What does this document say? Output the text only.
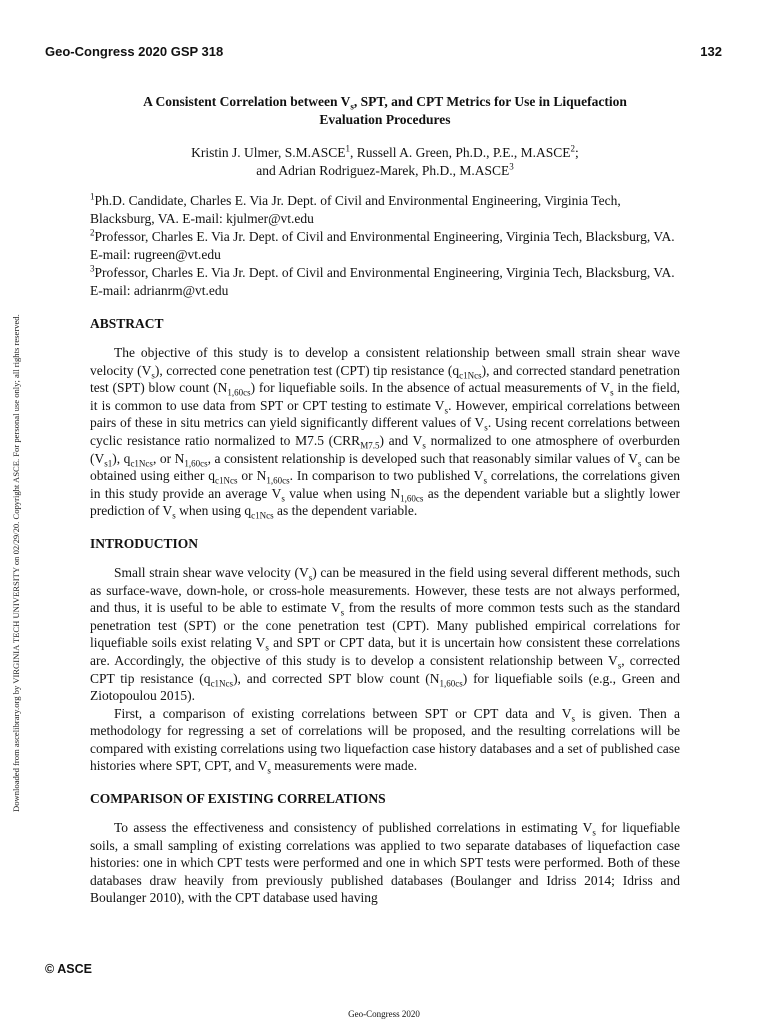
Geo-Congress 2020 GSP 318	132
Downloaded from ascelibrary.org by VIRGINIA TECH UNIVERSITY on 02/29/20. Copyright ASCE. For personal use only; all rights reserved.
A Consistent Correlation between $V_s$, SPT, and CPT Metrics for Use in Liquefaction
Evaluation Procedures
Kristin J. Ulmer, S.M.ASCE$^1$, Russell A. Green, Ph.D., P.E., M.ASCE$^2$;
and Adrian Rodriguez-Marek, Ph.D., M.ASCE$^3$
$^1$Ph.D. Candidate, Charles E. Via Jr. Dept. of Civil and Environmental Engineering, Virginia Tech, Blacksburg, VA. E-mail: kjulmer@vt.edu
$^2$Professor, Charles E. Via Jr. Dept. of Civil and Environmental Engineering, Virginia Tech, Blacksburg, VA. E-mail: rugreen@vt.edu
$^3$Professor, Charles E. Via Jr. Dept. of Civil and Environmental Engineering, Virginia Tech, Blacksburg, VA. E-mail: adrianrm@vt.edu
ABSTRACT

The objective of this study is to develop a consistent relationship between small strain shear wave velocity $(V_s)$, corrected cone penetration test (CPT) tip resistance $(q_{c1Ncs})$, and corrected standard penetration test (SPT) blow count $(N_{1,60cs})$ for liquefiable soils. In the absence of actual measurements of $V_s$ in the field, it is common to use data from SPT or CPT testing to estimate $V_s$. However, empirical correlations between pairs of these in situ metrics can yield significantly different values of $V_s$. Using recent correlations between cyclic resistance ratio normalized to M7.5 $(CRR_{M7.5})$ and $V_s$ normalized to one atmosphere of overburden $(V_{s1})$, $q_{c1Ncs}$, or $N_{1,60cs}$, a consistent relationship is developed such that reasonably similar values of $V_s$ can be obtained using either $q_{c1Ncs}$ or $N_{1,60cs}$. In comparison to two published $V_s$ correlations, the correlations given in this study provide an average $V_s$ value when using $N_{1,60cs}$ as the dependent variable but a slightly lower prediction of $V_s$ when using $q_{c1Ncs}$ as the dependent variable.

INTRODUCTION

Small strain shear wave velocity $(V_s)$ can be measured in the field using several different methods, such as surface-wave, down-hole, or cross-hole measurements. However, these tests are not always performed, and thus, it is useful to be able to estimate $V_s$ from the results of more common tests such as the standard penetration test (SPT) or the cone penetration test (CPT). Many published empirical correlations for liquefiable soils exist relating $V_s$ and SPT or CPT data, but it is uncertain how consistent these correlations are. Accordingly, the objective of this study is to develop a consistent relationship between $V_s$, corrected CPT tip resistance $(q_{c1Ncs})$, and corrected SPT blow count $(N_{1,60cs})$ for liquefiable soils (e.g., Green and Ziotopoulou 2015).

First, a comparison of existing correlations between SPT or CPT data and $V_s$ is given. Then a methodology for regressing a set of correlations will be proposed, and the resulting correlations will be compared with existing correlations using two liquefaction case history databases and a set of published case histories where SPT, CPT, and $V_s$ measurements were made.

COMPARISON OF EXISTING CORRELATIONS

To assess the effectiveness and consistency of published correlations in estimating $V_s$ for liquefiable soils, a small sampling of existing correlations was applied to two separate databases of liquefaction case histories: one in which CPT tests were performed and one in which SPT tests were performed. Both of these databases draw heavily from previously published databases (Boulanger and Idriss 2014; Idriss and Boulanger 2010), with the CPT database used having

© ASCE
Geo-Congress 2020
